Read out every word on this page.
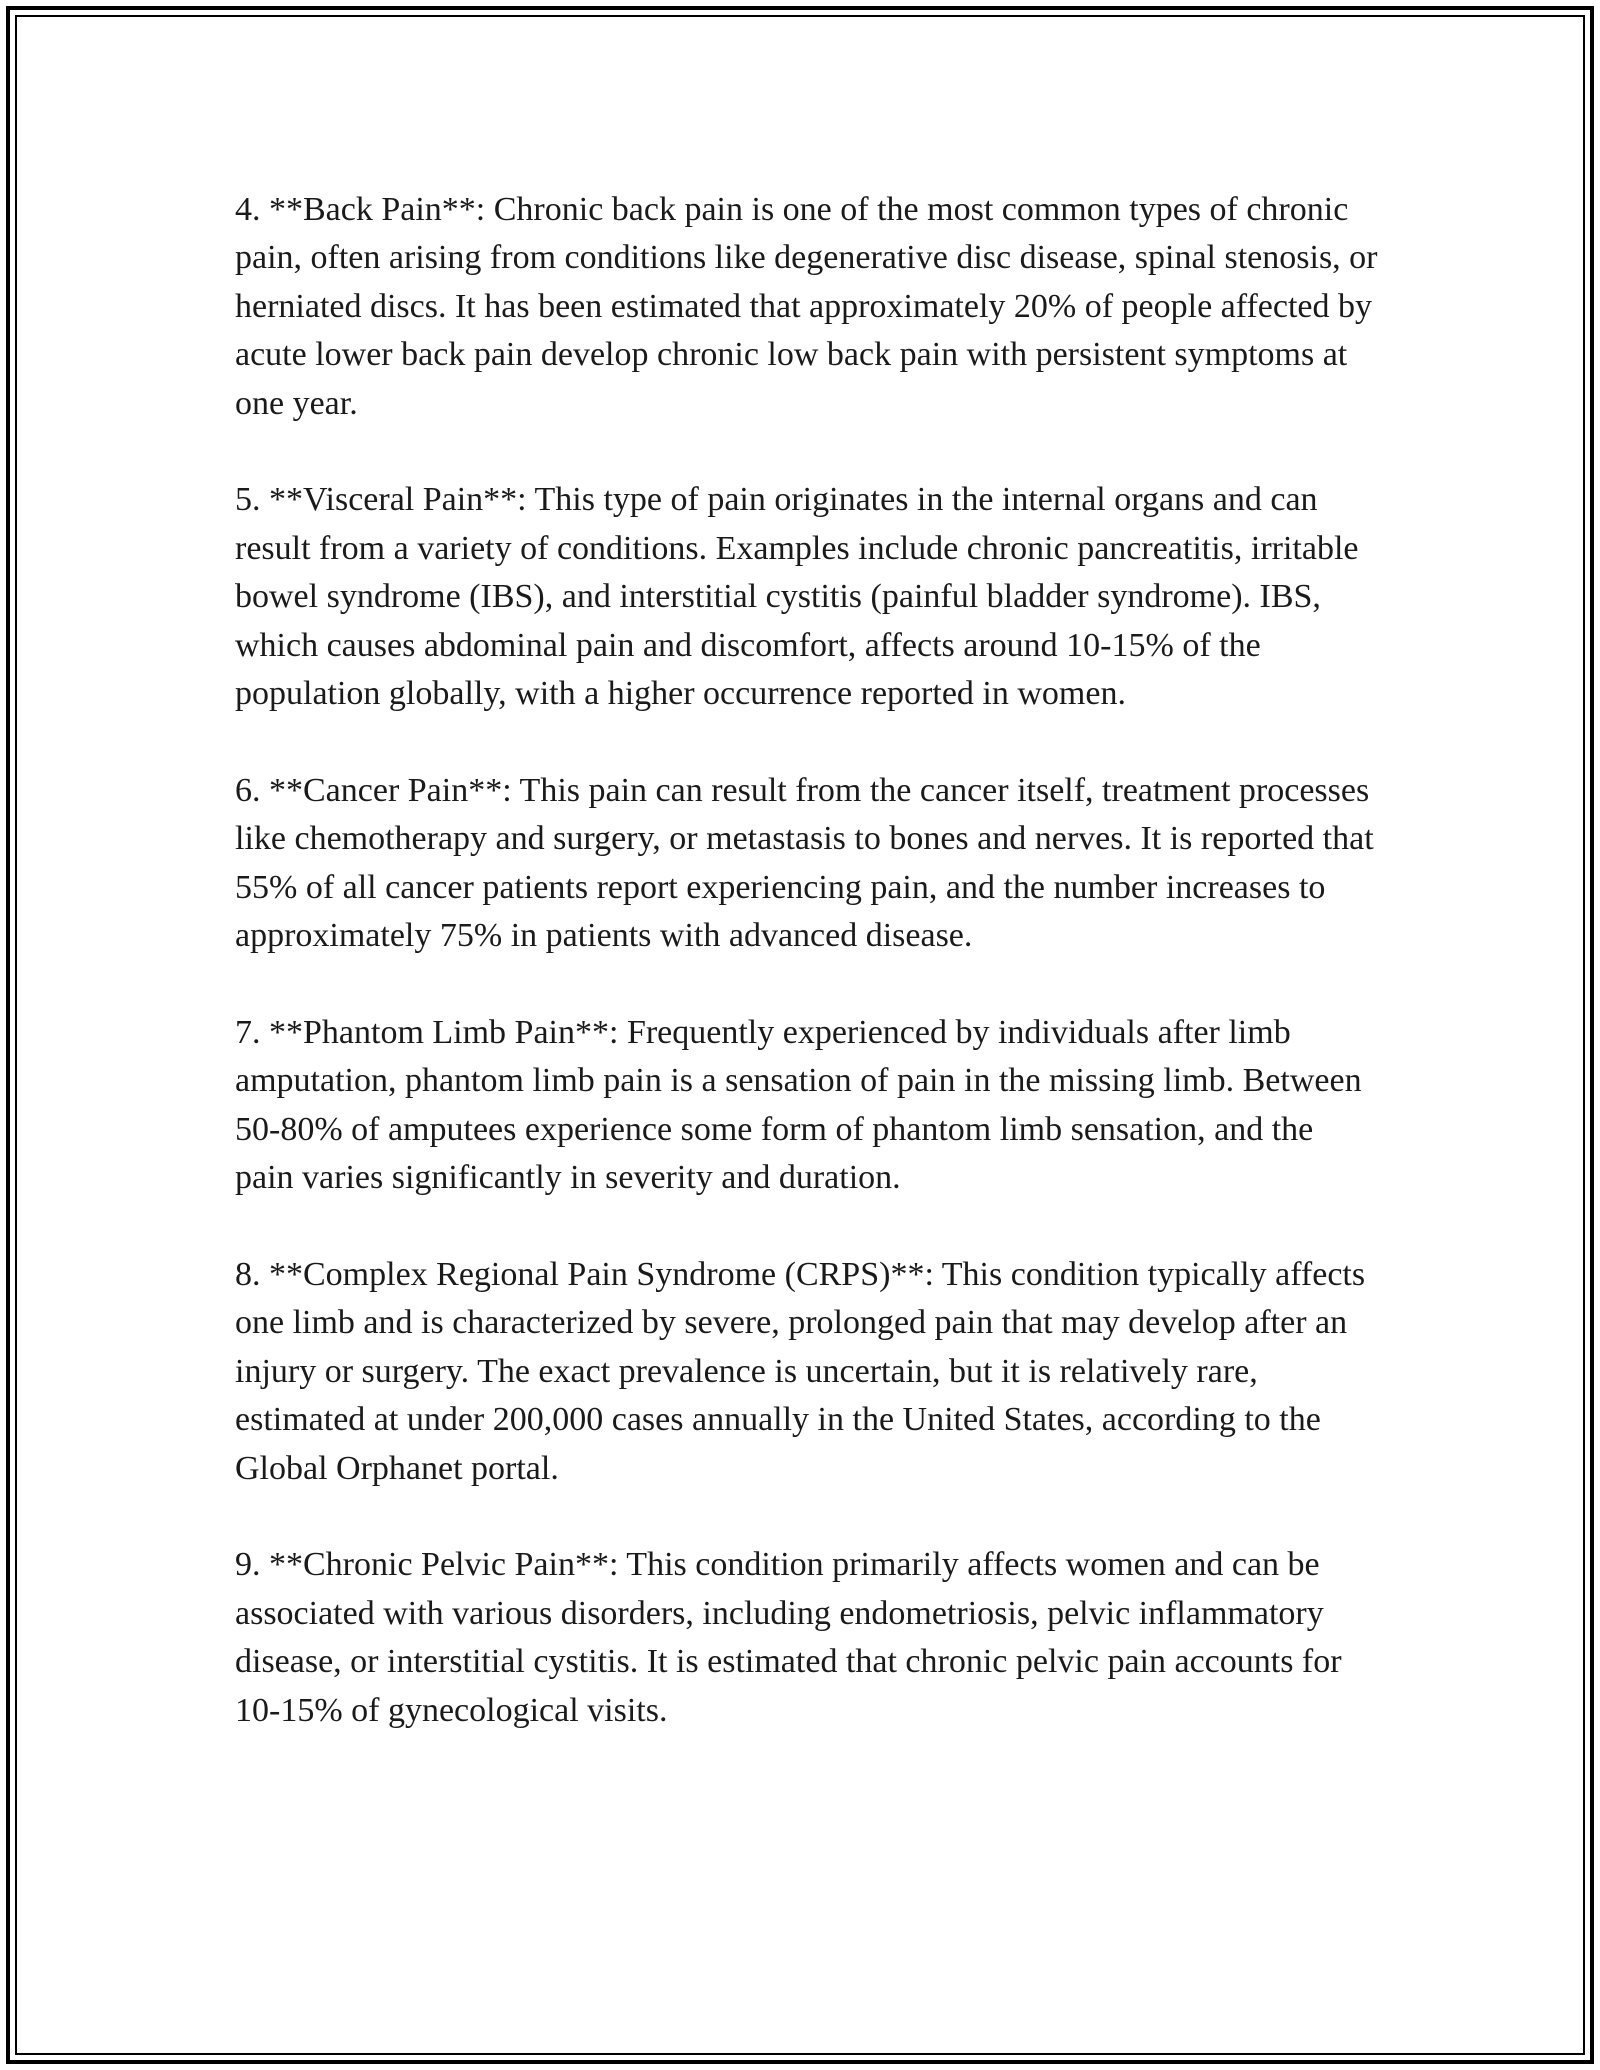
4. **Back Pain**: Chronic back pain is one of the most common types of chronic pain, often arising from conditions like degenerative disc disease, spinal stenosis, or herniated discs. It has been estimated that approximately 20% of people affected by acute lower back pain develop chronic low back pain with persistent symptoms at one year.

5. **Visceral Pain**: This type of pain originates in the internal organs and can result from a variety of conditions. Examples include chronic pancreatitis, irritable bowel syndrome (IBS), and interstitial cystitis (painful bladder syndrome). IBS, which causes abdominal pain and discomfort, affects around 10-15% of the population globally, with a higher occurrence reported in women.

6. **Cancer Pain**: This pain can result from the cancer itself, treatment processes like chemotherapy and surgery, or metastasis to bones and nerves. It is reported that 55% of all cancer patients report experiencing pain, and the number increases to approximately 75% in patients with advanced disease.

7. **Phantom Limb Pain**: Frequently experienced by individuals after limb amputation, phantom limb pain is a sensation of pain in the missing limb. Between 50-80% of amputees experience some form of phantom limb sensation, and the pain varies significantly in severity and duration.

8. **Complex Regional Pain Syndrome (CRPS)**: This condition typically affects one limb and is characterized by severe, prolonged pain that may develop after an injury or surgery. The exact prevalence is uncertain, but it is relatively rare, estimated at under 200,000 cases annually in the United States, according to the Global Orphanet portal.

9. **Chronic Pelvic Pain**: This condition primarily affects women and can be associated with various disorders, including endometriosis, pelvic inflammatory disease, or interstitial cystitis. It is estimated that chronic pelvic pain accounts for 10-15% of gynecological visits.
